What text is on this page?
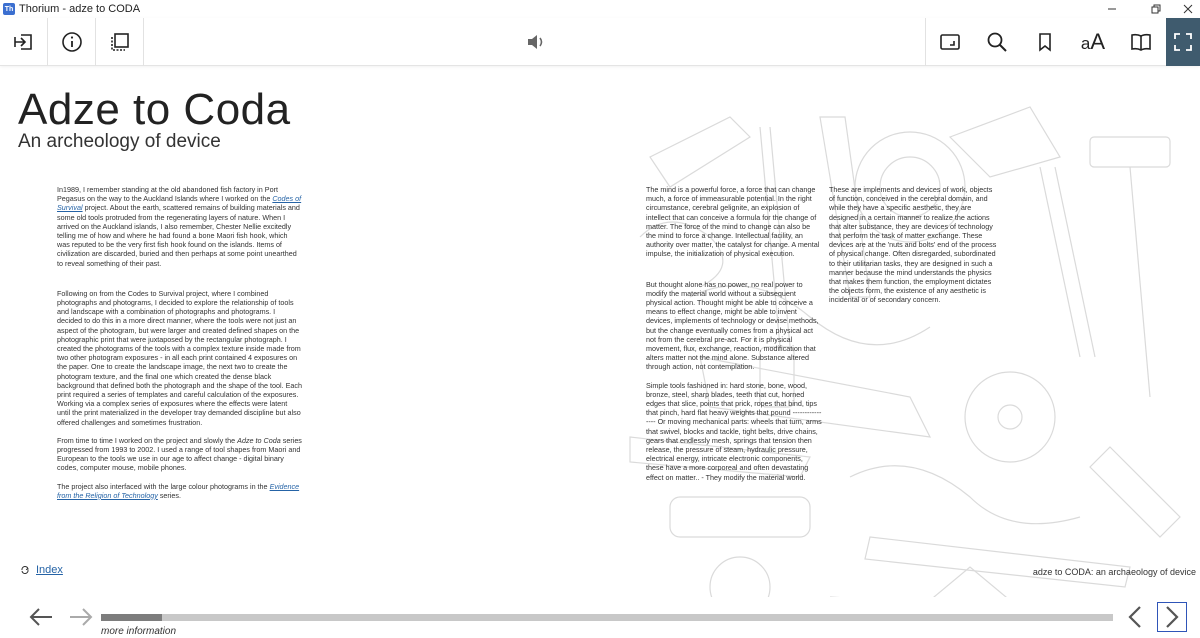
Th Thorium - adze to CODA
aA
Adze to Coda
An archeology of device

In1989, I remember standing at the old abandoned fish factory in Port Pegasus on the way to the Auckland Islands where I worked on the Codes of Survival project. About the earth, scattered remains of building materials and some old tools protruded from the regenerating layers of nature. When I arrived on the Auckland islands, I also remember, Chester Nellie excitedly telling me of how and where he had found a bone Maori fish hook, which was reputed to be the very first fish hook found on the islands. Items of civilization are discarded, buried and then perhaps at some point unearthed to reveal something of their past.

Following on from the Codes to Survival project, where I combined photographs and photograms, I decided to explore the relationship of tools and landscape with a combination of photographs and photograms. I decided to do this in a more direct manner, where the tools were not just an aspect of the photogram, but were larger and created defined shapes on the photographic print that were juxtaposed by the rectangular photograph. I created the photograms of the tools with a complex texture inside made from two other photogram exposures - in all each print contained 4 exposures on the paper. One to create the landscape image, the next two to create the photogram texture, and the final one which created the dense black background that defined both the photograph and the shape of the tool. Each print required a series of templates and careful calculation of the exposures. Working via a complex series of exposures where the effects were latent until the print materialized in the developer tray demanded discipline but also offered challenges and sometimes frustration.

From time to time I worked on the project and slowly the Adze to Coda series progressed from 1993 to 2002. I used a range of tool shapes from Maori and European to the tools we use in our age to affect change - digital binary codes, computer mouse, mobile phones.

The project also interfaced with the large colour photograms in the Evidence from the Religion of Technology series.

The mind is a powerful force, a force that can change much, a force of immeasurable potential. In the right circumstance, cerebral gelignite, an explosion of intellect that can conceive a formula for the change of matter. The force of the mind to change can also be the mind to force a change. Intellectual facility, an authority over matter, the catalyst for change. A mental impulse, the initialization of physical execution.

But thought alone has no power, no real power to modify the material world without a subsequent physical action. Thought might be able to conceive a means to effect change, might be able to invent devices, implements of technology or devise methods, but the change eventually comes from a physical act not from the cerebral pre-act. For it is physical movement, flux, exchange, reaction, modification that alters matter not the mind alone. Substance altered through action, not contemplation.

Simple tools fashioned in: hard stone, bone, wood, bronze, steel, sharp blades, teeth that cut, horned edges that slice, points that prick, ropes that bind, tips that pinch, hard flat heavy weights that pound ---------------- Or moving mechanical parts: wheels that turn, arms that swivel, blocks and tackle, tight belts, drive chains, gears that endlessly mesh, springs that tension then release, the pressure of steam, hydraulic pressure, electrical energy, intricate electronic components, these have a more corporeal and often devastating effect on matter.. - They modify the material world.

These are implements and devices of work, objects of function, conceived in the cerebral domain, and while they have a specific aesthetic, they are designed in a certain manner to realize the actions that alter substance, they are devices of technology that perform the task of matter exchange. These devices are at the 'nuts and bolts' end of the process of physical change. Often disregarded, subordinated to their utilitarian tasks, they are designed in such a manner because the mind understands the physics that makes them function, the employment dictates the objects form, the existence of any aesthetic is incidental or of secondary concern.

Index	adze to CODA: an archaeology of device
more information
